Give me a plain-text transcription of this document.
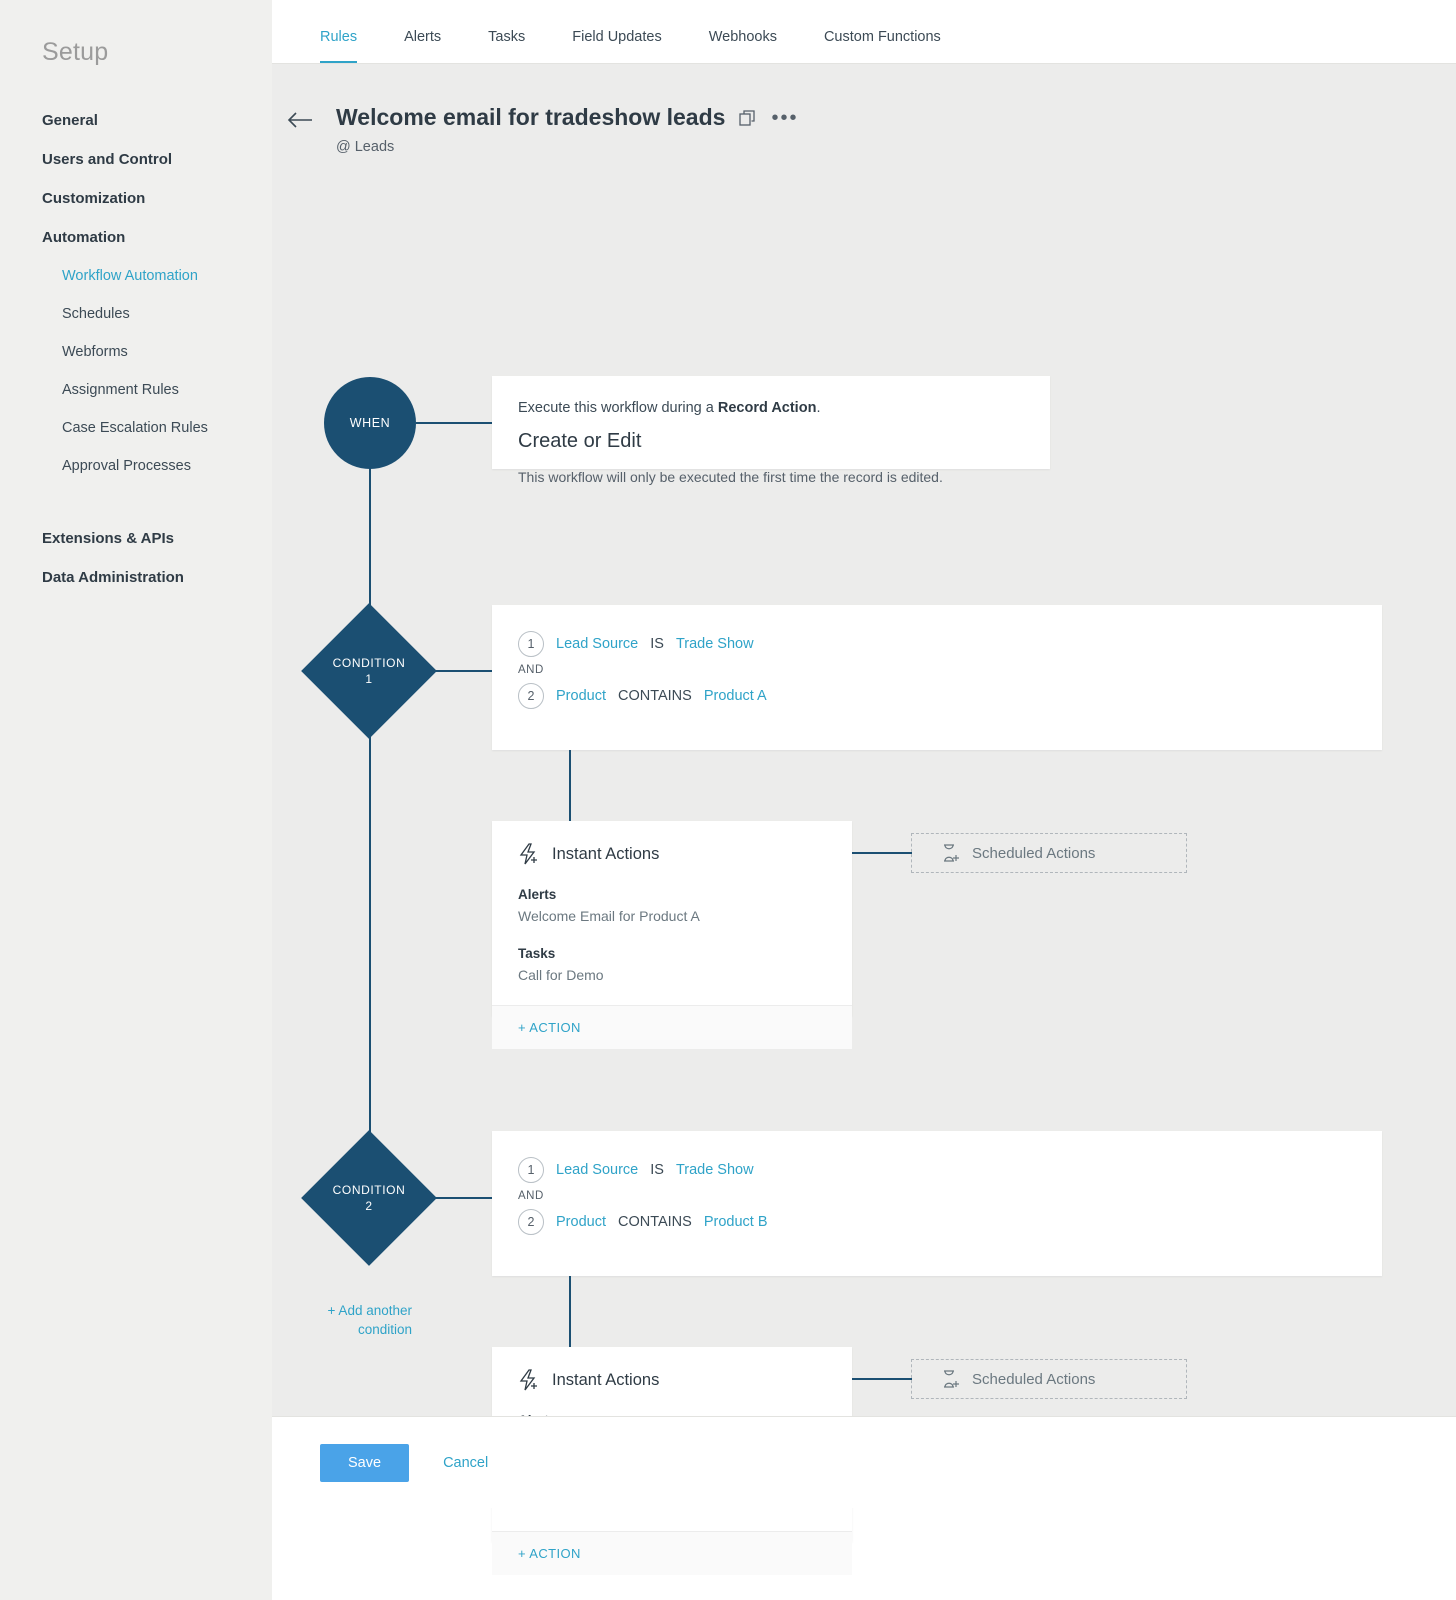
Setup
General
Users and Control
Customization
Automation
Workflow Automation
Schedules
Webforms
Assignment Rules
Case Escalation Rules
Approval Processes
Extensions & APIs
Data Administration
Rules	Alerts	Tasks	Field Updates	Webhooks	Custom Functions
Welcome email for tradeshow leads •••
@ Leads
WHEN
Execute this workflow during a Record Action.
Create or Edit
This workflow will only be executed the first time the record is edited.
CONDITION
1
1	Lead Source IS Trade Show
AND
2	Product CONTAINS Product A
Instant Actions
Alerts
Welcome Email for Product A
Tasks
Call for Demo
+ ACTION
Scheduled Actions
CONDITION
2
1	Lead Source IS Trade Show
AND
2	Product CONTAINS Product B
+ Add another condition
Instant Actions
+ ACTION
Scheduled Actions
Save	Cancel
